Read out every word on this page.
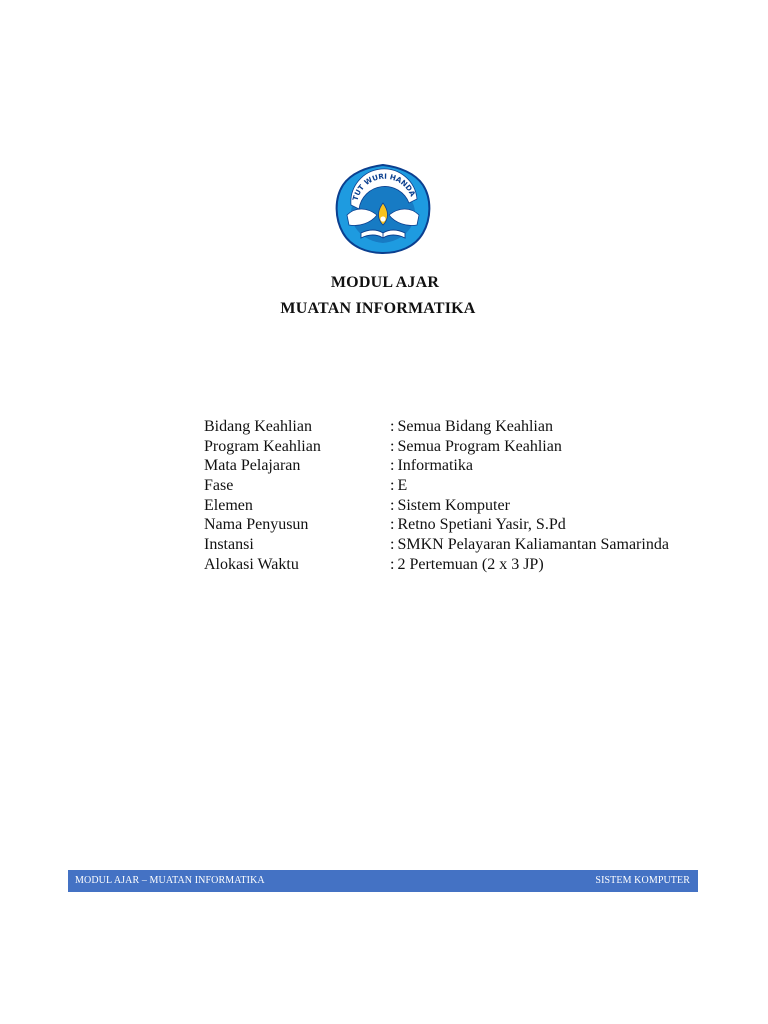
TUT WURI HANDA
MODUL AJAR
MUATAN INFORMATIKA
Bidang Keahlian	: Semua Bidang Keahlian
Program Keahlian	: Semua Program Keahlian
Mata Pelajaran	: Informatika
Fase	: E
Elemen	: Sistem Komputer
Nama Penyusun	: Retno Spetiani Yasir, S.Pd
Instansi	: SMKN Pelayaran Kaliamantan Samarinda
Alokasi Waktu	: 2 Pertemuan (2 x 3 JP)
MODUL AJAR – MUATAN INFORMATIKA	SISTEM KOMPUTER
